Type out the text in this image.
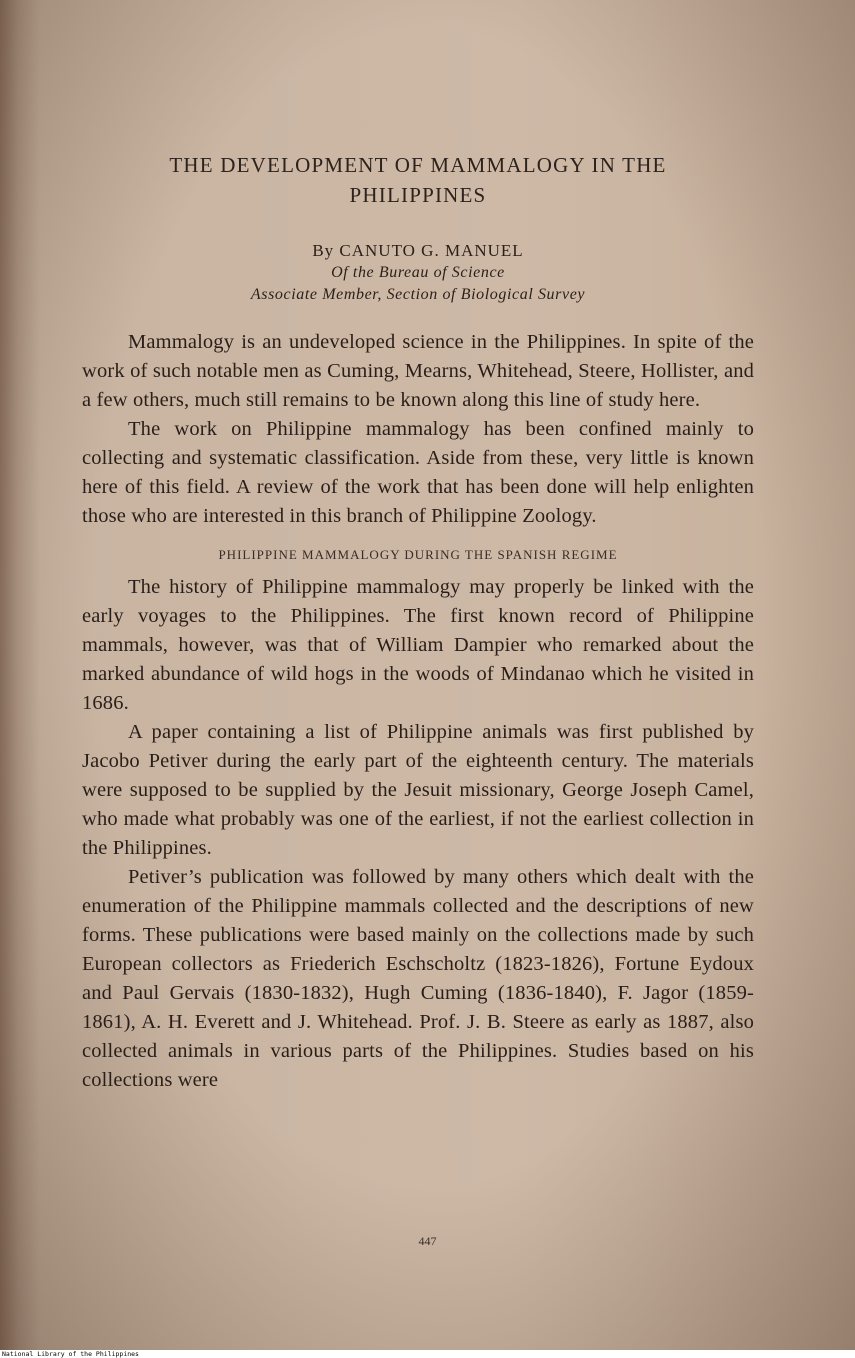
THE DEVELOPMENT OF MAMMALOGY IN THE
PHILIPPINES
By CANUTO G. MANUEL
Of the Bureau of Science
Associate Member, Section of Biological Survey

Mammalogy is an undeveloped science in the Philippines. In spite of the work of such notable men as Cuming, Mearns, Whitehead, Steere, Hollister, and a few others, much still remains to be known along this line of study here.

The work on Philippine mammalogy has been confined mainly to collecting and systematic classification. Aside from these, very little is known here of this field. A review of the work that has been done will help enlighten those who are interested in this branch of Philippine Zoology.

PHILIPPINE MAMMALOGY DURING THE SPANISH REGIME

The history of Philippine mammalogy may properly be linked with the early voyages to the Philippines. The first known record of Philippine mammals, however, was that of William Dampier who remarked about the marked abundance of wild hogs in the woods of Mindanao which he visited in 1686.

A paper containing a list of Philippine animals was first published by Jacobo Petiver during the early part of the eighteenth century. The materials were supposed to be supplied by the Jesuit missionary, George Joseph Camel, who made what probably was one of the earliest, if not the earliest collection in the Philippines.

Petiver’s publication was followed by many others which dealt with the enumeration of the Philippine mammals collected and the descriptions of new forms. These publications were based mainly on the collections made by such European collectors as Friederich Eschscholtz (1823-1826), Fortune Eydoux and Paul Gervais (1830-1832), Hugh Cuming (1836-1840), F. Jagor (1859-1861), A. H. Everett and J. Whitehead. Prof. J. B. Steere as early as 1887, also collected animals in various parts of the Philippines. Studies based on his collections were

447
National Library of the Philippines
